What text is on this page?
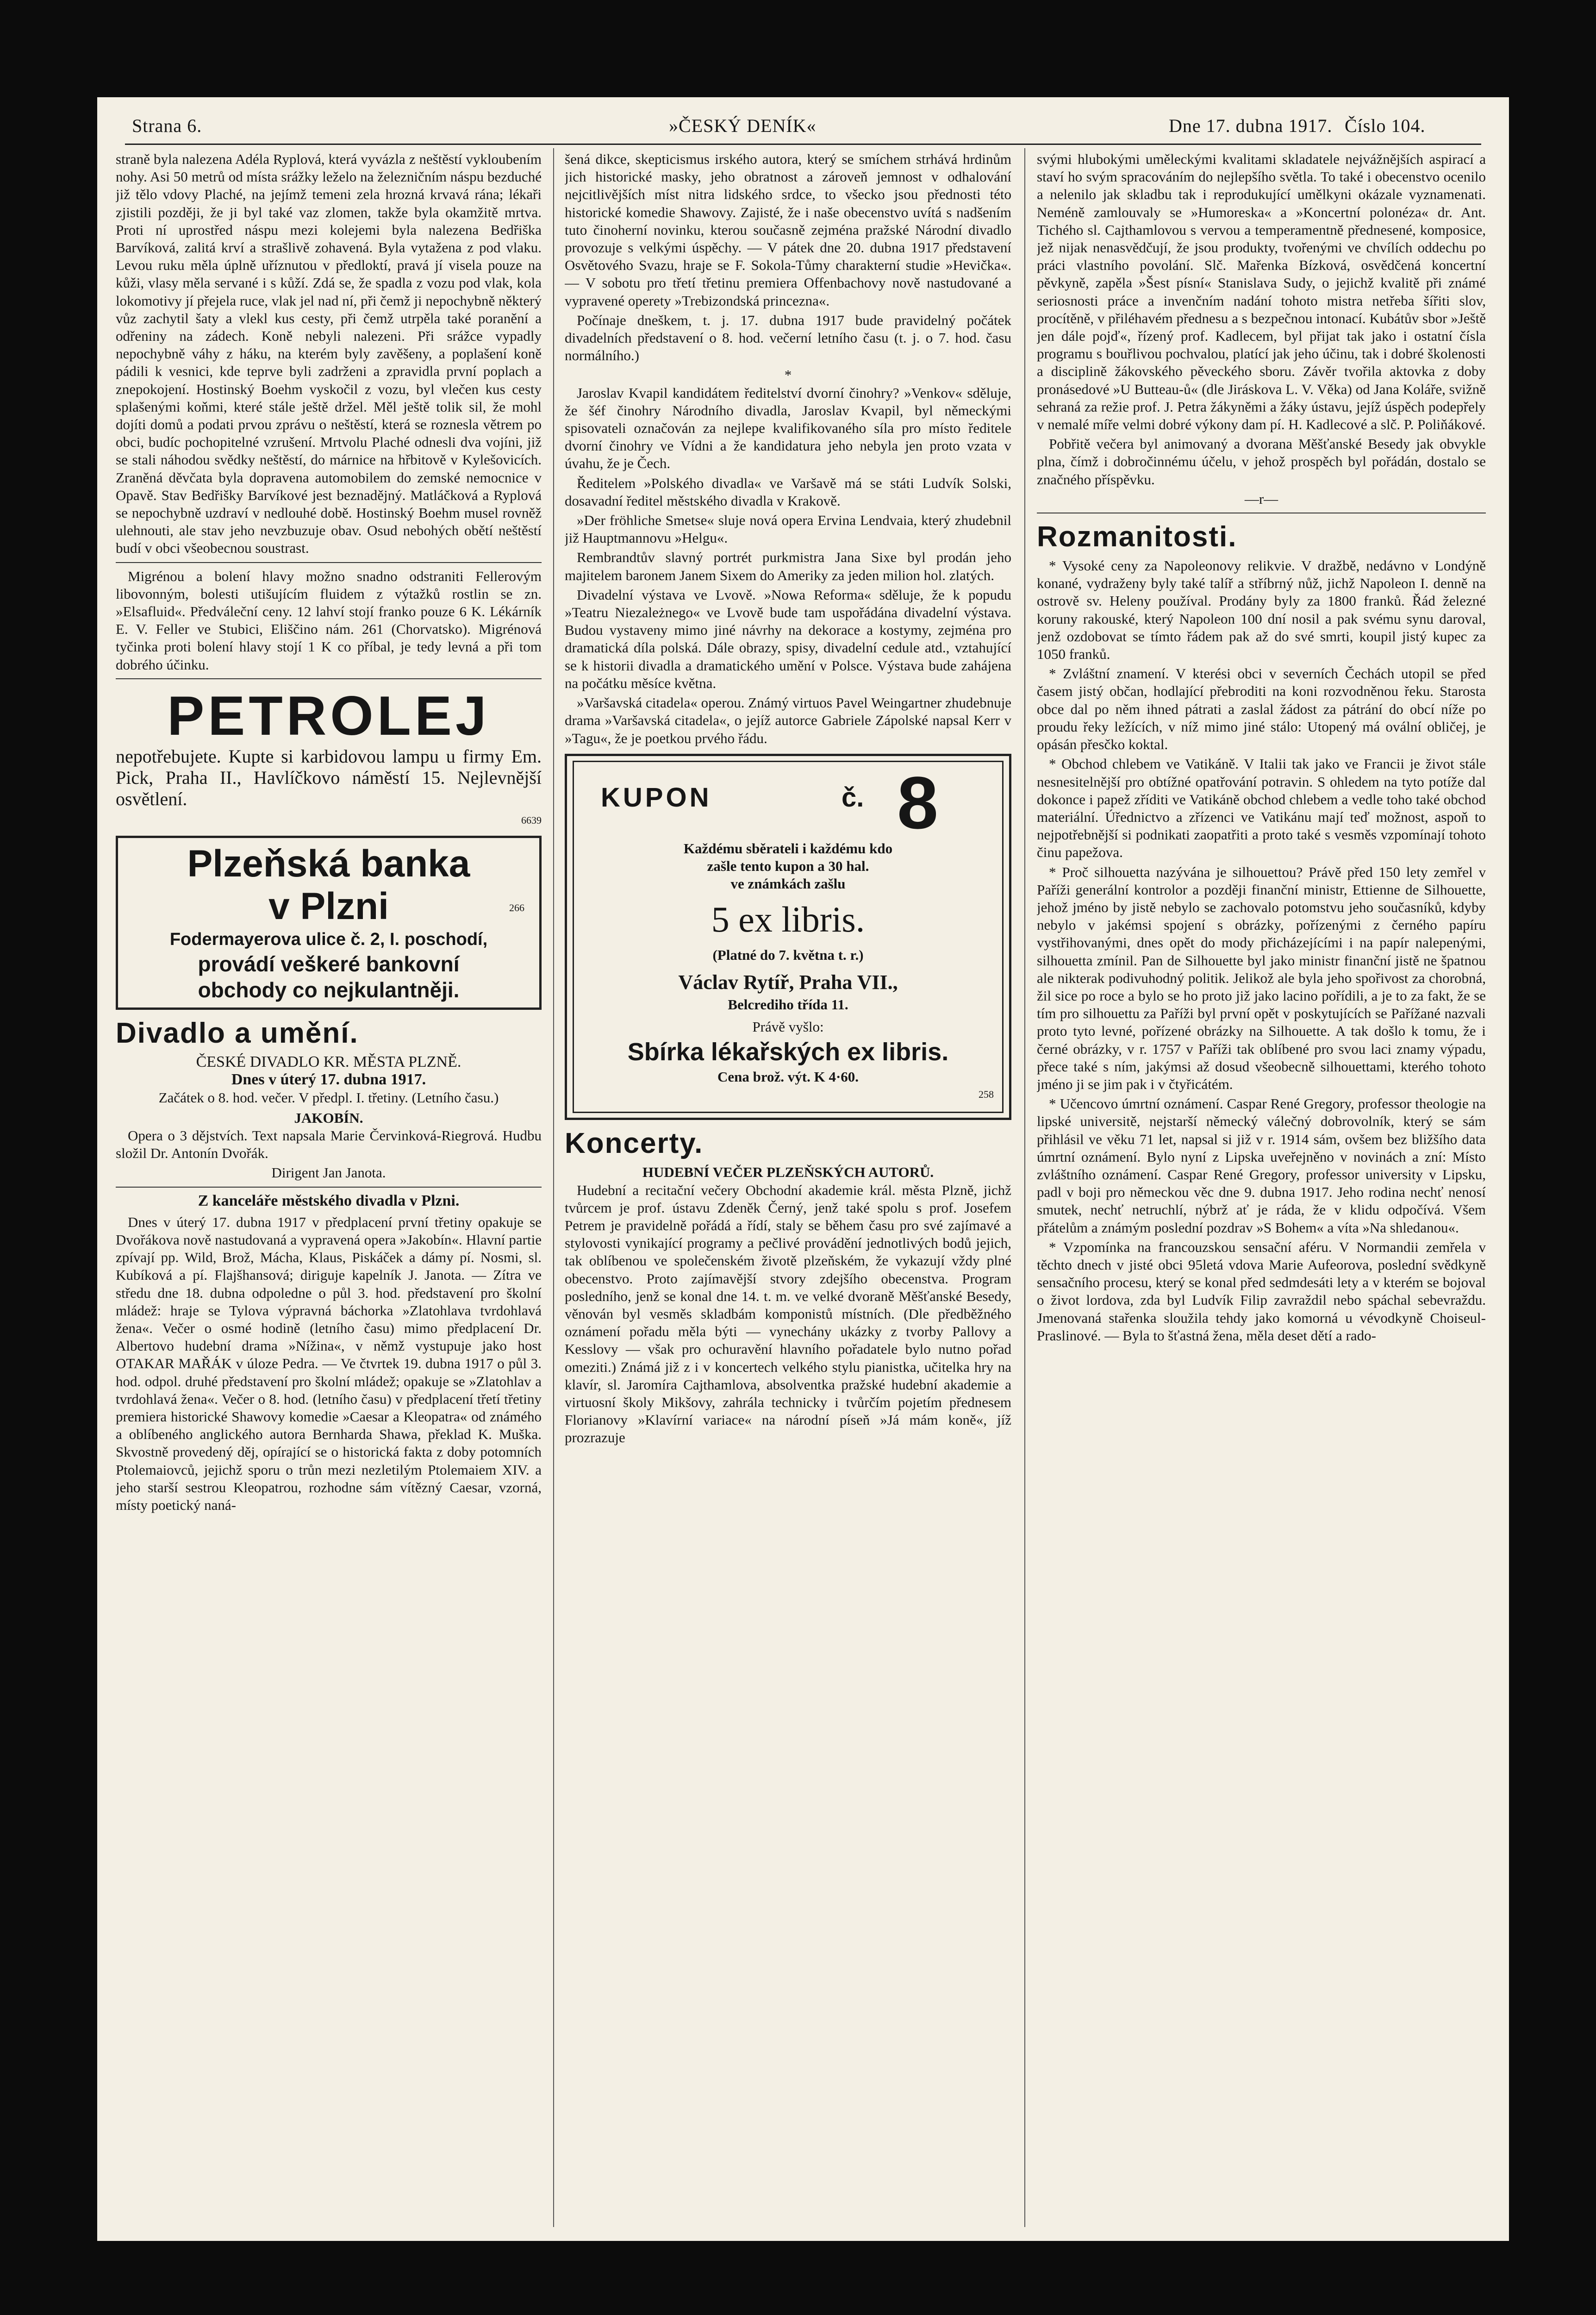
Strana 6.	»ČESKÝ DENÍK«	Dne 17. dubna 1917. Číslo 104.

straně byla nalezena Adéla Ryplová, která vyvázla z neštěstí vykloubením nohy. Asi 50 metrů od místa srážky leželo na železničním náspu bezduché již tělo vdovy Plaché, na jejímž temeni zela hrozná krvavá rána; lékaři zjistili později, že ji byl také vaz zlomen, takže byla okamžitě mrtva. Proti ní uprostřed náspu mezi kolejemi byla nalezena Bedřiška Barvíková, zalitá krví a strašlivě zohavená. Byla vytažena z pod vlaku. Levou ruku měla úplně uříznutou v předloktí, pravá jí visela pouze na kůži, vlasy měla servané i s kůží. Zdá se, že spadla z vozu pod vlak, kola lokomotivy jí přejela ruce, vlak jel nad ní, při čemž ji nepochybně některý vůz zachytil šaty a vlekl kus cesty, při čemž utrpěla také poranění a odřeniny na zádech. Koně nebyli nalezeni. Při srážce vypadly nepochybně váhy z háku, na kterém byly zavěšeny, a poplašení koně pádili k vesnici, kde teprve byli zadrženi a zpravidla první poplach a znepokojení. Hostinský Boehm vyskočil z vozu, byl vlečen kus cesty splašenými koňmi, které stále ještě držel. Měl ještě tolik sil, že mohl dojíti domů a podati prvou zprávu o neštěstí, která se roznesla větrem po obci, budíc pochopitelné vzrušení. Mrtvolu Plaché odnesli dva vojíni, již se stali náhodou svědky neštěstí, do márnice na hřbitově v Kylešovicích. Zraněná děvčata byla dopravena automobilem do zemské nemocnice v Opavě. Stav Bedřišky Barvíkové jest beznadějný. Matláčková a Ryplová se nepochybně uzdraví v nedlouhé době. Hostinský Boehm musel rovněž ulehnouti, ale stav jeho nevzbuzuje obav. Osud nebohých obětí neštěstí budí v obci všeobecnou soustrast.

Migrénou a bolení hlavy možno snadno odstraniti Fellerovým libovonným, bolesti utišujícím fluidem z výtažků rostlin se zn. »Elsafluid«. Předváleční ceny. 12 lahví stojí franko pouze 6 K. Lékárník E. V. Feller ve Stubici, Eliščino nám. 261 (Chorvatsko). Migrénová tyčinka proti bolení hlavy stojí 1 K co příbal, je tedy levná a při tom dobrého účinku.

PETROLEJ

nepotřebujete. Kupte si karbidovou lampu u firmy Em. Pick, Praha II., Havlíčkovo náměstí 15. Nejlevnější osvětlení.

6639
Plzeňská banka
v Plzni	266
Fodermayerova ulice č. 2, I. poschodí,
provádí veškeré bankovní
obchody co nejkulantněji.
Divadlo a umění.
ČESKÉ DIVADLO KR. MĚSTA PLZNĚ.
Dnes v úterý 17. dubna 1917.
Začátek o 8. hod. večer. V předpl. I. třetiny. (Letního času.)
JAKOBÍN.

Opera o 3 dějstvích. Text napsala Marie Červinková-Riegrová. Hudbu složil Dr. Antonín Dvořák.

Dirigent Jan Janota.
Z kanceláře městského divadla v Plzni.

Dnes v úterý 17. dubna 1917 v předplacení první třetiny opakuje se Dvořákova nově nastudovaná a vypravená opera »Jakobín«. Hlavní partie zpívají pp. Wild, Brož, Mácha, Klaus, Piskáček a dámy pí. Nosmi, sl. Kubíková a pí. Flajšhansová; diriguje kapelník J. Janota. — Zítra ve středu dne 18. dubna odpoledne o půl 3. hod. představení pro školní mládež: hraje se Tylova výpravná báchorka »Zlatohlava tvrdohlavá žena«. Večer o osmé hodině (letního času) mimo předplacení Dr. Albertovo hudební drama »Nížina«, v němž vystupuje jako host OTAKAR MAŘÁK v úloze Pedra. — Ve čtvrtek 19. dubna 1917 o půl 3. hod. odpol. druhé představení pro školní mládež; opakuje se »Zlatohlav a tvrdohlavá žena«. Večer o 8. hod. (letního času) v předplacení třetí třetiny premiera historické Shawovy komedie »Caesar a Kleopatra« od známého a oblíbeného anglického autora Bernharda Shawa, překlad K. Muška. Skvostně provedený děj, opírající se o historická fakta z doby potomních Ptolemaiovců, jejichž sporu o trůn mezi nezletilým Ptolemaiem XIV. a jeho starší sestrou Kleopatrou, rozhodne sám vítězný Caesar, vzorná, místy poetický naná-

šená dikce, skepticismus irského autora, který se smíchem strhává hrdinům jich historické masky, jeho obratnost a zároveň jemnost v odhalování nejcitlivějších míst nitra lidského srdce, to všecko jsou přednosti této historické komedie Shawovy. Zajisté, že i naše obecenstvo uvítá s nadšením tuto činoherní novinku, kterou současně zejména pražské Národní divadlo provozuje s velkými úspěchy. — V pátek dne 20. dubna 1917 představení Osvětového Svazu, hraje se F. Sokola-Tůmy charakterní studie »Hevička«. — V sobotu pro třetí třetinu premiera Offenbachovy nově nastudované a vypravené operety »Trebizondská princezna«.

Počínaje dneškem, t. j. 17. dubna 1917 bude pravidelný počátek divadelních představení o 8. hod. večerní letního času (t. j. o 7. hod. času normálního.)

*

Jaroslav Kvapil kandidátem ředitelství dvorní činohry? »Venkov« sděluje, že šéf činohry Národního divadla, Jaroslav Kvapil, byl německými spisovateli označován za nejlepe kvalifikovaného síla pro místo ředitele dvorní činohry ve Vídni a že kandidatura jeho nebyla jen proto vzata v úvahu, že je Čech.

Ředitelem »Polského divadla« ve Varšavě má se státi Ludvík Solski, dosavadní ředitel městského divadla v Krakově.

»Der fröhliche Smetse« sluje nová opera Ervina Lendvaia, který zhudebnil již Hauptmannovu »Helgu«.

Rembrandtův slavný portrét purkmistra Jana Sixe byl prodán jeho majitelem baronem Janem Sixem do Ameriky za jeden milion hol. zlatých.

Divadelní výstava ve Lvově. »Nowa Reforma« sděluje, že k popudu »Teatru Niezależnego« ve Lvově bude tam uspořádána divadelní výstava. Budou vystaveny mimo jiné návrhy na dekorace a kostymy, zejména pro dramatická díla polská. Dále obrazy, spisy, divadelní cedule atd., vztahující se k historii divadla a dramatického umění v Polsce. Výstava bude zahájena na počátku měsíce května.

»Varšavská citadela« operou. Známý virtuos Pavel Weingartner zhudebnuje drama »Varšavská citadela«, o jejíž autorce Gabriele Zápolské napsal Kerr v »Tagu«, že je poetkou prvého řádu.

KUPON	č. 8
Každému sběrateli i každému kdo
zašle tento kupon a 30 hal.
ve známkách zašlu
5 ex libris.
(Platné do 7. května t. r.)
Václav Rytíř, Praha VII.,
Belcrediho třída 11.
Právě vyšlo:
Sbírka lékařských ex libris.
Cena brož. výt. K 4·60.
258
Koncerty.
HUDEBNÍ VEČER PLZEŇSKÝCH AUTORŮ.

Hudební a recitační večery Obchodní akademie král. města Plzně, jichž tvůrcem je prof. ústavu Zdeněk Černý, jenž také spolu s prof. Josefem Petrem je pravidelně pořádá a řídí, staly se během času pro své zajímavé a stylovosti vynikající programy a pečlivé provádění jednotlivých bodů jejich, tak oblíbenou ve společenském životě plzeňském, že vykazují vždy plné obecenstvo. Proto zajímavější stvory zdejšího obecenstva. Program posledního, jenž se konal dne 14. t. m. ve velké dvoraně Měšťanské Besedy, věnován byl vesměs skladbám komponistů místních. (Dle předběžného oznámení pořadu měla býti — vynechány ukázky z tvorby Pallovy a Kesslovy — však pro ochuravění hlavního pořadatele bylo nutno pořad omeziti.) Známá již z i v koncertech velkého stylu pianistka, učitelka hry na klavír, sl. Jaromíra Cajthamlova, absolventka pražské hudební akademie a virtuosní školy Mikšovy, zahrála technicky i tvůrčím pojetím přednesem Florianovy »Klavírní variace« na národní píseň »Já mám koně«, jíž prozrazuje

svými hlubokými uměleckými kvalitami skladatele nejvážnějších aspirací a staví ho svým spracováním do nejlepšího světla. To také i obecenstvo ocenilo a nelenilo jak skladbu tak i reprodukující umělkyni okázale vyznamenati. Neméně zamlouvaly se »Humoreska« a »Koncertní polonéza« dr. Ant. Tichého sl. Cajthamlovou s vervou a temperamentně přednesené, komposice, jež nijak nenasvědčují, že jsou produkty, tvořenými ve chvílích oddechu po práci vlastního povolání. Slč. Mařenka Bízková, osvědčená koncertní pěvkyně, zapěla »Šest písní« Stanislava Sudy, o jejichž kvalitě při známé seriosnosti práce a invenčním nadání tohoto mistra netřeba šířiti slov, procítěně, v přiléhavém přednesu a s bezpečnou intonací. Kubátův sbor »Ještě jen dále pojď«, řízený prof. Kadlecem, byl přijat tak jako i ostatní čísla programu s bouřlivou pochvalou, platící jak jeho účinu, tak i dobré školenosti a disciplině žákovského pěveckého sboru. Závěr tvořila aktovka z doby pronásedové »U Butteau-ů« (dle Jiráskova L. V. Věka) od Jana Koláře, svižně sehraná za režie prof. J. Petra žákyněmi a žáky ústavu, jejíž úspěch podepřely v nemalé míře velmi dobré výkony dam pí. H. Kadlecové a slč. P. Poliňákové.

Pobřitě večera byl animovaný a dvorana Měšťanské Besedy jak obvykle plna, čímž i dobročinnému účelu, v jehož prospěch byl pořádán, dostalo se značného příspěvku.

—r—
Rozmanitosti.

* Vysoké ceny za Napoleonovy relikvie. V dražbě, nedávno v Londýně konané, vydraženy byly také talíř a stříbrný nůž, jichž Napoleon I. denně na ostrově sv. Heleny používal. Prodány byly za 1800 franků. Řád železné koruny rakouské, který Napoleon 100 dní nosil a pak svému synu daroval, jenž ozdobovat se tímto řádem pak až do své smrti, koupil jistý kupec za 1050 franků.

* Zvláštní znamení. V kterési obci v severních Čechách utopil se před časem jistý občan, hodlající přebroditi na koni rozvodněnou řeku. Starosta obce dal po něm ihned pátrati a zaslal žádost za pátrání do obcí níže po proudu řeky ležících, v níž mimo jiné stálo: Utopený má ovální obličej, je opásán přesčko koktal.

* Obchod chlebem ve Vatikáně. V Italii tak jako ve Francii je život stále nesnesitelnější pro obtížné opatřování potravin. S ohledem na tyto potíže dal dokonce i papež zříditi ve Vatikáně obchod chlebem a vedle toho také obchod materiální. Úřednictvo a zřízenci ve Vatikánu mají teď možnost, aspoň to nejpotřebnější si podnikati zaopatřiti a proto také s vesměs vzpomínají tohoto činu papežova.

* Proč silhouetta nazývána je silhouettou? Právě před 150 lety zemřel v Paříži generální kontrolor a později finanční ministr, Ettienne de Silhouette, jehož jméno by jistě nebylo se zachovalo potomstvu jeho současníků, kdyby nebylo v jakémsi spojení s obrázky, pořízenými z černého papíru vystřihovanými, dnes opět do mody přicházejícími i na papír nalepenými, silhouetta zmínil. Pan de Silhouette byl jako ministr finanční jistě ne špatnou ale nikterak podivuhodný politik. Jelikož ale byla jeho spořivost za chorobná, žil sice po roce a bylo se ho proto již jako lacino pořídili, a je to za fakt, že se tím pro silhouettu za Paříži byl první opět v poskytujících se Pařížané nazvali proto tyto levné, pořízené obrázky na Silhouette. A tak došlo k tomu, že i černé obrázky, v r. 1757 v Paříži tak oblíbené pro svou laci znamy výpadu, přece také s ním, jakýmsi až dosud všeobecně silhouettami, kterého tohoto jméno ji se jim pak i v čtyřicátém.

* Učencovo úmrtní oznámení. Caspar René Gregory, professor theologie na lipské universitě, nejstarší německý válečný dobrovolník, který se sám přihlásil ve věku 71 let, napsal si již v r. 1914 sám, ovšem bez bližšího data úmrtní oznámení. Bylo nyní z Lipska uveřejněno v novinách a zní: Místo zvláštního oznámení. Caspar René Gregory, professor university v Lipsku, padl v boji pro německou věc dne 9. dubna 1917. Jeho rodina nechť nenosí smutek, nechť netruchlí, nýbrž ať je ráda, že v klidu odpočívá. Všem přátelům a známým poslední pozdrav »S Bohem« a víta »Na shledanou«.

* Vzpomínka na francouzskou sensační aféru. V Normandii zemřela v těchto dnech v jisté obci 95letá vdova Marie Aufeorova, poslední svědkyně sensačního procesu, který se konal před sedmdesáti lety a v kterém se bojoval o život lordova, zda byl Ludvík Filip zavraždil nebo spáchal sebevraždu. Jmenovaná stařenka sloužila tehdy jako komorná u vévodkyně Choiseul-Praslinové. — Byla to šťastná žena, měla deset dětí a rado-
